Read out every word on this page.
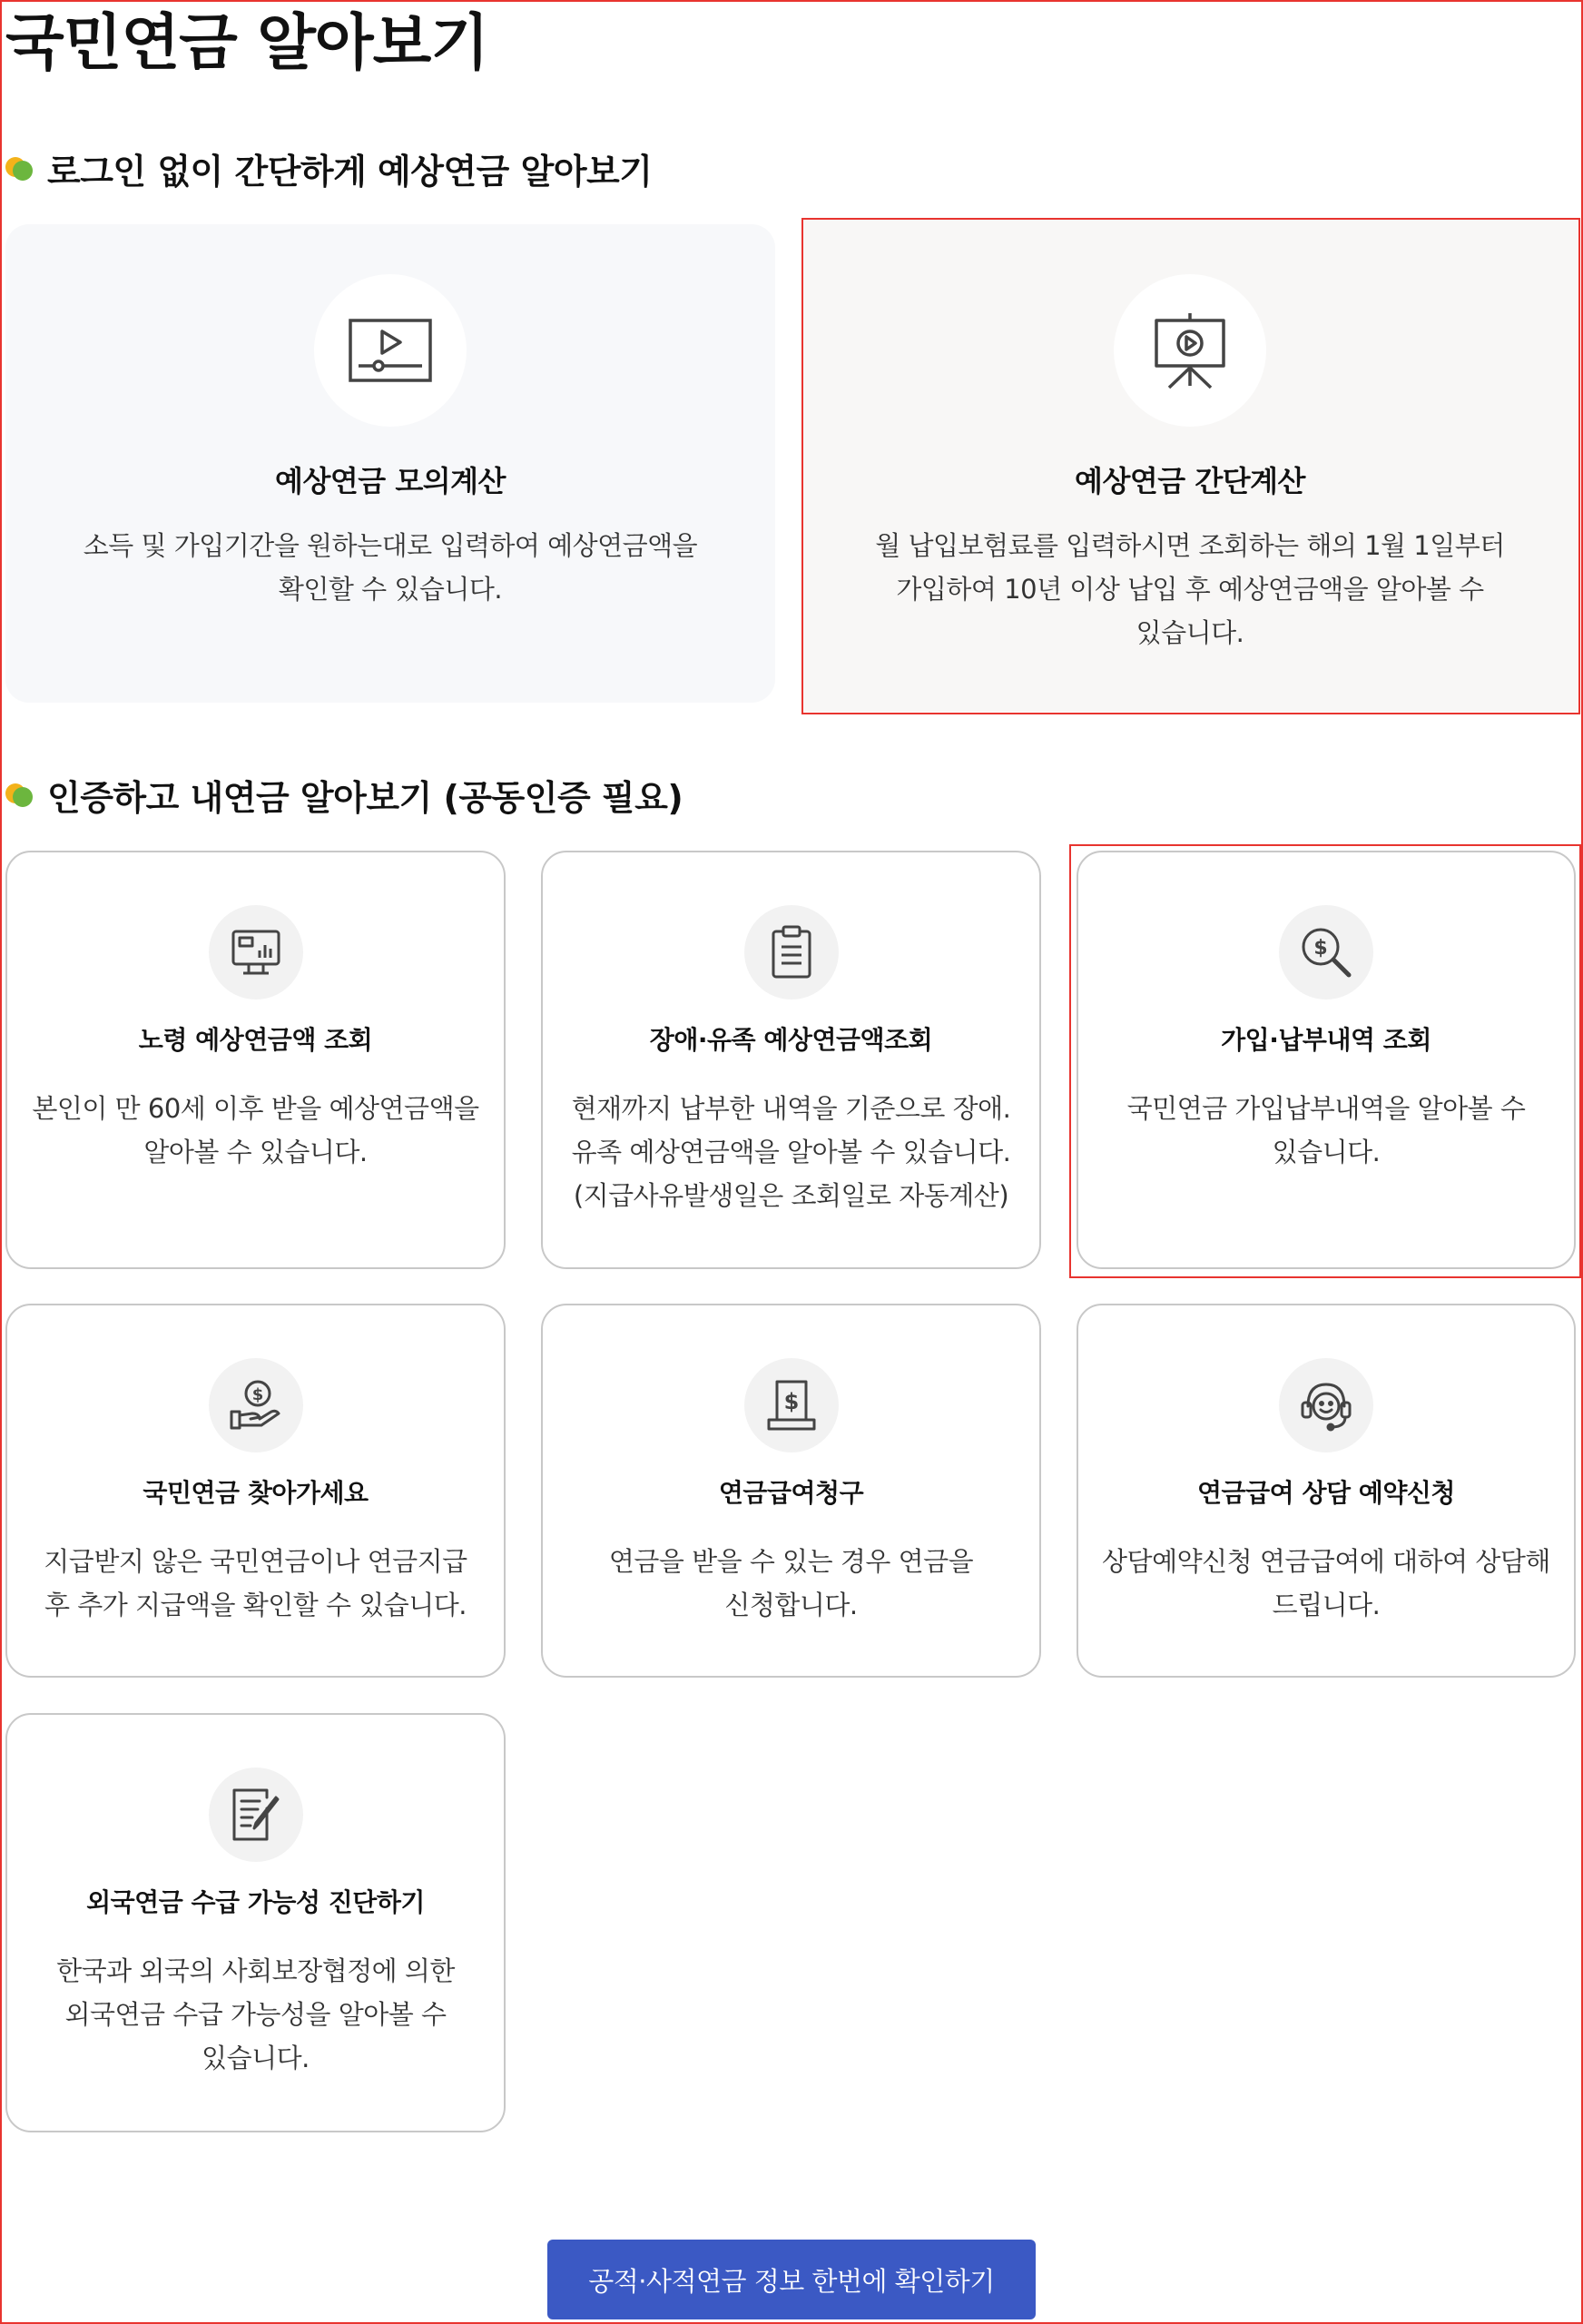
국민연금 알아보기
로그인 없이 간단하게 예상연금 알아보기
예상연금 모의계산
소득 및 가입기간을 원하는대로 입력하여 예상연금액을
확인할 수 있습니다.
예상연금 간단계산
월 납입보험료를 입력하시면 조회하는 해의 1월 1일부터
가입하여 10년 이상 납입 후 예상연금액을 알아볼 수
있습니다.
인증하고 내연금 알아보기 (공동인증 필요)
노령 예상연금액 조회
본인이 만 60세 이후 받을 예상연금액을
알아볼 수 있습니다.
장애·유족 예상연금액조회
현재까지 납부한 내역을 기준으로 장애.
유족 예상연금액을 알아볼 수 있습니다.
(지급사유발생일은 조회일로 자동계산)
$
가입·납부내역 조회
국민연금 가입납부내역을 알아볼 수
있습니다.
$
국민연금 찾아가세요
지급받지 않은 국민연금이나 연금지급
후 추가 지급액을 확인할 수 있습니다.
$
연금급여청구
연금을 받을 수 있는 경우 연금을
신청합니다.
연금급여 상담 예약신청
상담예약신청 연금급여에 대하여 상담해
드립니다.
외국연금 수급 가능성 진단하기
한국과 외국의 사회보장협정에 의한
외국연금 수급 가능성을 알아볼 수
있습니다.
공적·사적연금 정보 한번에 확인하기
